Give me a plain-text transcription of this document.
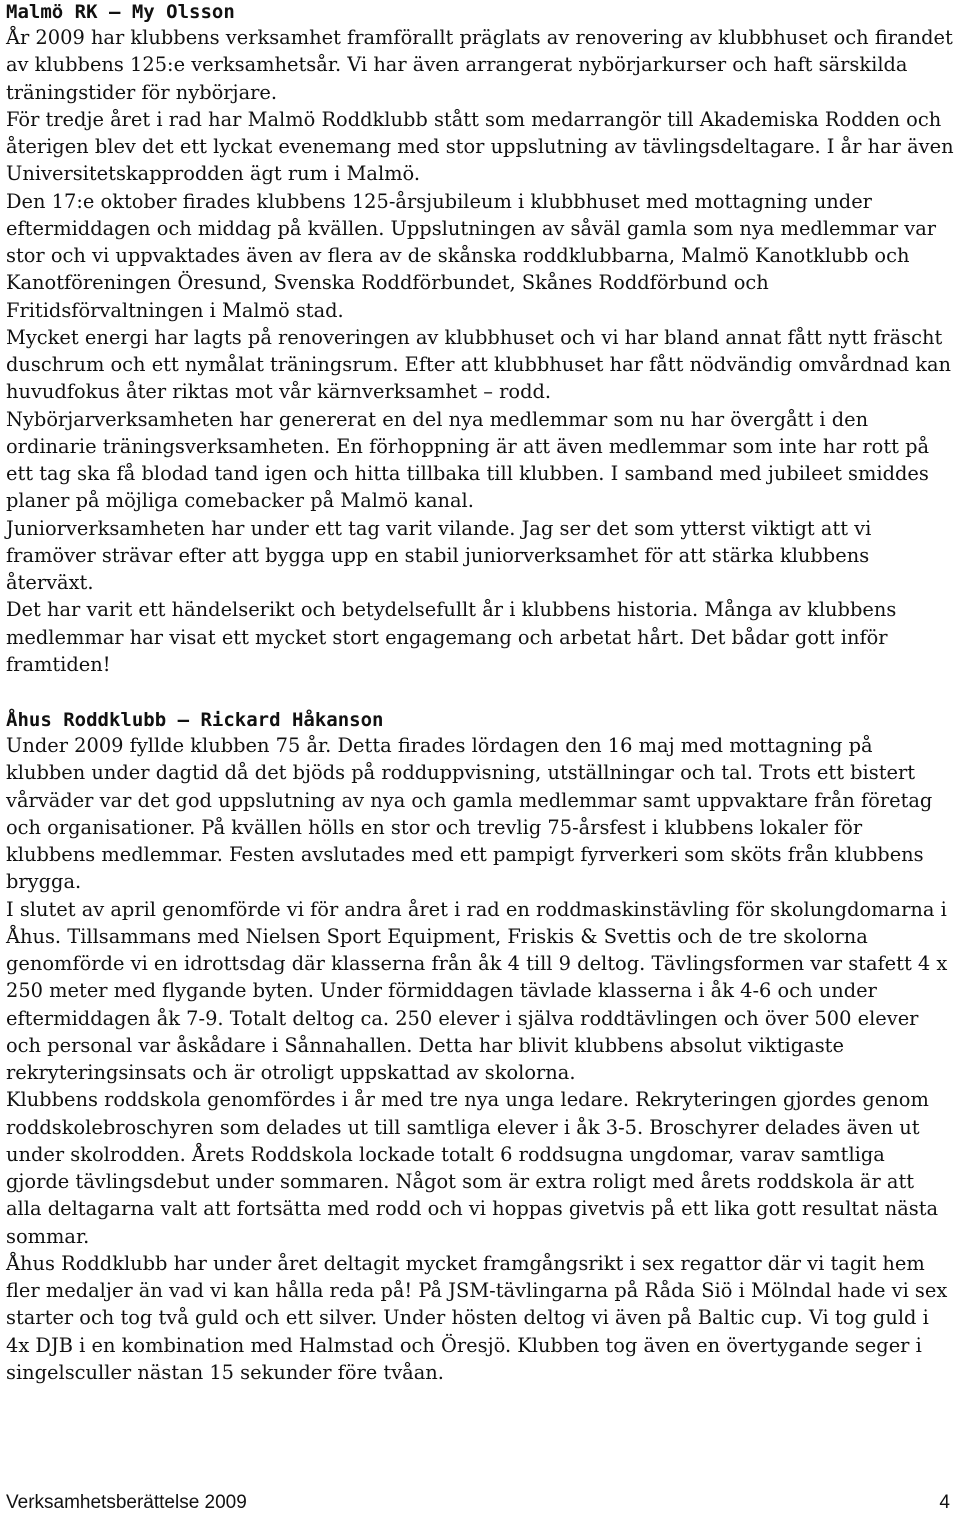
Malmö RK – My Olsson

År 2009 har klubbens verksamhet framförallt präglats av renovering av klubbhuset och firandet av klubbens 125:e verksamhetsår. Vi har även arrangerat nybörjarkurser och haft särskilda träningstider för nybörjare.

För tredje året i rad har Malmö Roddklubb stått som medarrangör till Akademiska Rodden och återigen blev det ett lyckat evenemang med stor uppslutning av tävlingsdeltagare. I år har även Universitetskapprodden ägt rum i Malmö.

Den 17:e oktober firades klubbens 125-årsjubileum i klubbhuset med mottagning under eftermiddagen och middag på kvällen. Uppslutningen av såväl gamla som nya medlemmar var stor och vi uppvaktades även av flera av de skånska roddklubbarna, Malmö Kanotklubb och Kanotföreningen Öresund, Svenska Roddförbundet, Skånes Roddförbund och Fritidsförvaltningen i Malmö stad.

Mycket energi har lagts på renoveringen av klubbhuset och vi har bland annat fått nytt fräscht duschrum och ett nymålat träningsrum. Efter att klubbhuset har fått nödvändig omvårdnad kan huvudfokus åter riktas mot vår kärnverksamhet – rodd.

Nybörjarverksamheten har genererat en del nya medlemmar som nu har övergått i den ordinarie träningsverksamheten. En förhoppning är att även medlemmar som inte har rott på ett tag ska få blodad tand igen och hitta tillbaka till klubben. I samband med jubileet smiddes planer på möjliga comebacker på Malmö kanal.

Juniorverksamheten har under ett tag varit vilande. Jag ser det som ytterst viktigt att vi framöver strävar efter att bygga upp en stabil juniorverksamhet för att stärka klubbens återväxt.

Det har varit ett händelserikt och betydelsefullt år i klubbens historia. Många av klubbens medlemmar har visat ett mycket stort engagemang och arbetat hårt. Det bådar gott inför framtiden!

Åhus Roddklubb – Rickard Håkanson

Under 2009 fyllde klubben 75 år. Detta firades lördagen den 16 maj med mottagning på klubben under dagtid då det bjöds på rodduppvisning, utställningar och tal. Trots ett bistert vårväder var det god uppslutning av nya och gamla medlemmar samt uppvaktare från företag och organisationer. På kvällen hölls en stor och trevlig 75-årsfest i klubbens lokaler för klubbens medlemmar. Festen avslutades med ett pampigt fyrverkeri som sköts från klubbens brygga.

I slutet av april genomförde vi för andra året i rad en roddmaskinstävling för skolungdomarna i Åhus. Tillsammans med Nielsen Sport Equipment, Friskis & Svettis och de tre skolorna genomförde vi en idrottsdag där klasserna från åk 4 till 9 deltog. Tävlingsformen var stafett 4 x 250 meter med flygande byten. Under förmiddagen tävlade klasserna i åk 4-6 och under eftermiddagen åk 7-9. Totalt deltog ca. 250 elever i själva roddtävlingen och över 500 elever och personal var åskådare i Sånnahallen. Detta har blivit klubbens absolut viktigaste rekryteringsinsats och är otroligt uppskattad av skolorna.

Klubbens roddskola genomfördes i år med tre nya unga ledare. Rekryteringen gjordes genom roddskolebroschyren som delades ut till samtliga elever i åk 3-5. Broschyrer delades även ut under skolrodden. Årets Roddskola lockade totalt 6 roddsugna ungdomar, varav samtliga gjorde tävlingsdebut under sommaren. Något som är extra roligt med årets roddskola är att alla deltagarna valt att fortsätta med rodd och vi hoppas givetvis på ett lika gott resultat nästa sommar.

Åhus Roddklubb har under året deltagit mycket framgångsrikt i sex regattor där vi tagit hem fler medaljer än vad vi kan hålla reda på! På JSM-tävlingarna på Råda Siö i Mölndal hade vi sex starter och tog två guld och ett silver. Under hösten deltog vi även på Baltic cup. Vi tog guld i 4x DJB i en kombination med Halmstad och Öresjö. Klubben tog även en övertygande seger i singelsculler nästan 15 sekunder före tvåan.

Verksamhetsberättelse 2009	4
